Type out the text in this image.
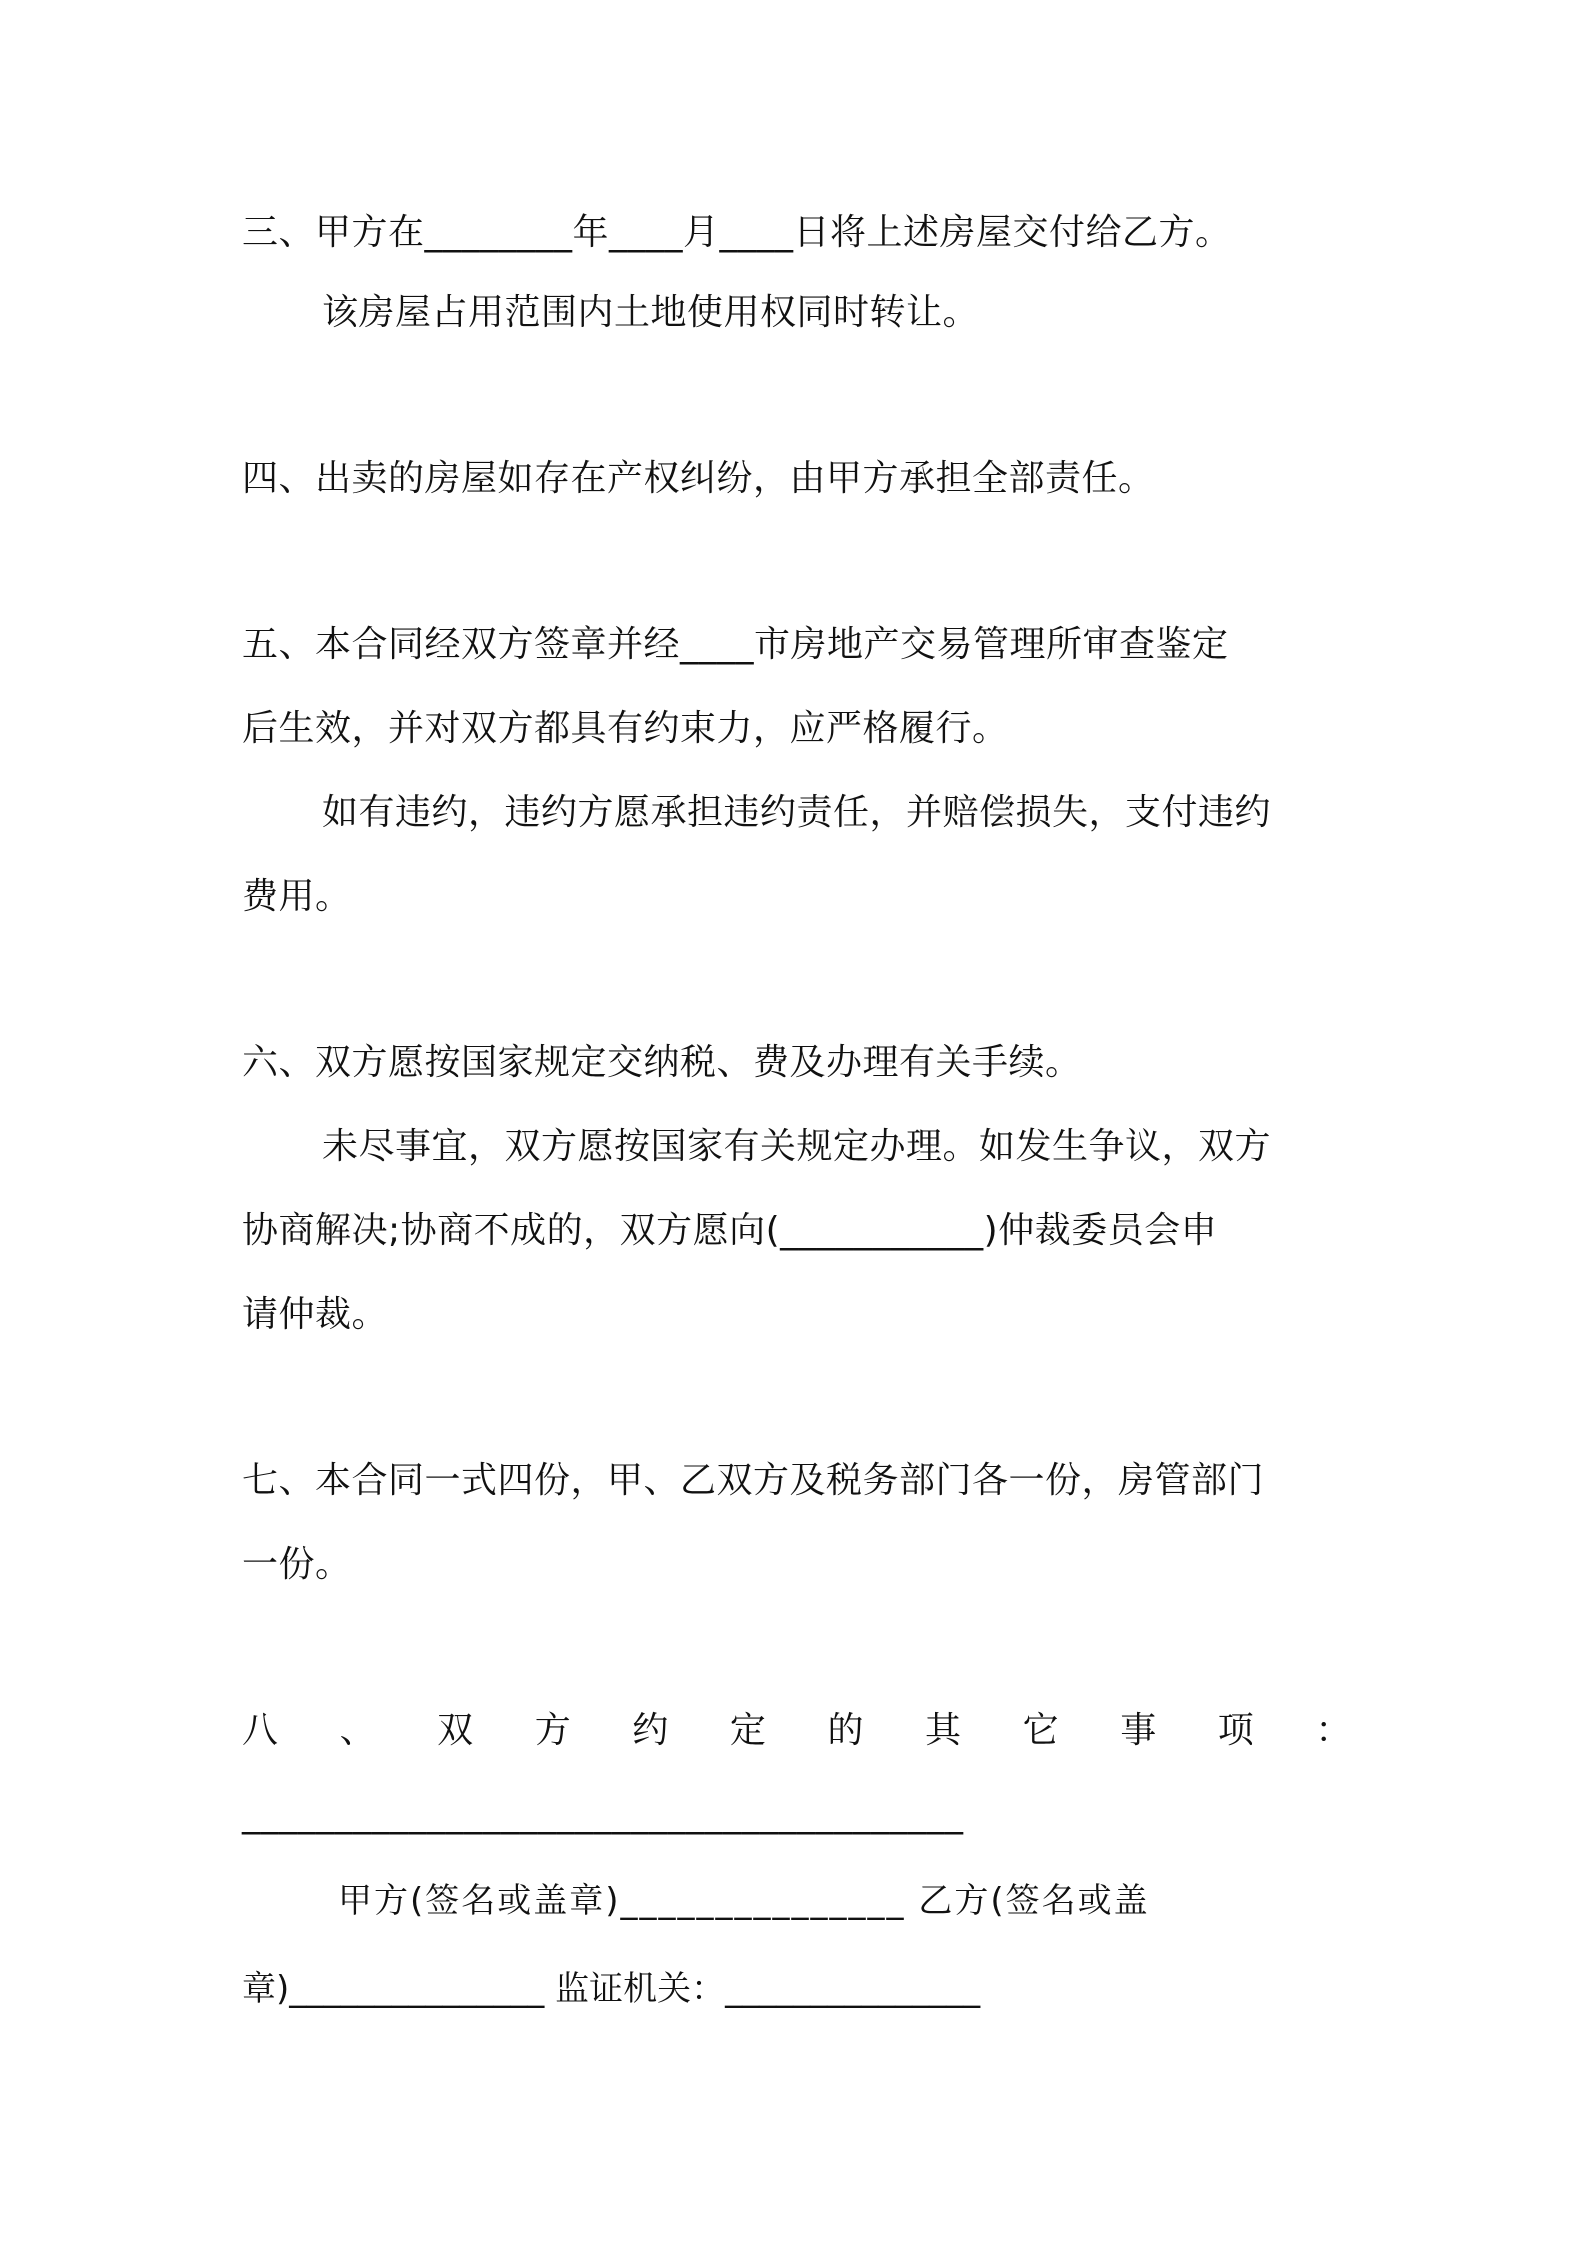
三、甲方在________年____月____日将上述房屋交付给乙方。
该房屋占用范围内土地使用权同时转让。
四、出卖的房屋如存在产权纠纷，由甲方承担全部责任。
五、本合同经双方签章并经____市房地产交易管理所审查鉴定
后生效，并对双方都具有约束力，应严格履行。
如有违约，违约方愿承担违约责任，并赔偿损失，支付违约
费用。
六、双方愿按国家规定交纳税、费及办理有关手续。
未尽事宜，双方愿按国家有关规定办理。如发生争议，双方
协商解决;协商不成的，双方愿向(___________)仲裁委员会申
请仲裁。
七、本合同一式四份，甲、乙双方及税务部门各一份，房管部门
一份。
八 、 双 方 约 定 的 其 它 事 项 ：
_______________________________________
甲方(签名或盖章)_______________ 乙方(签名或盖
章)_______________ 监证机关：_______________
